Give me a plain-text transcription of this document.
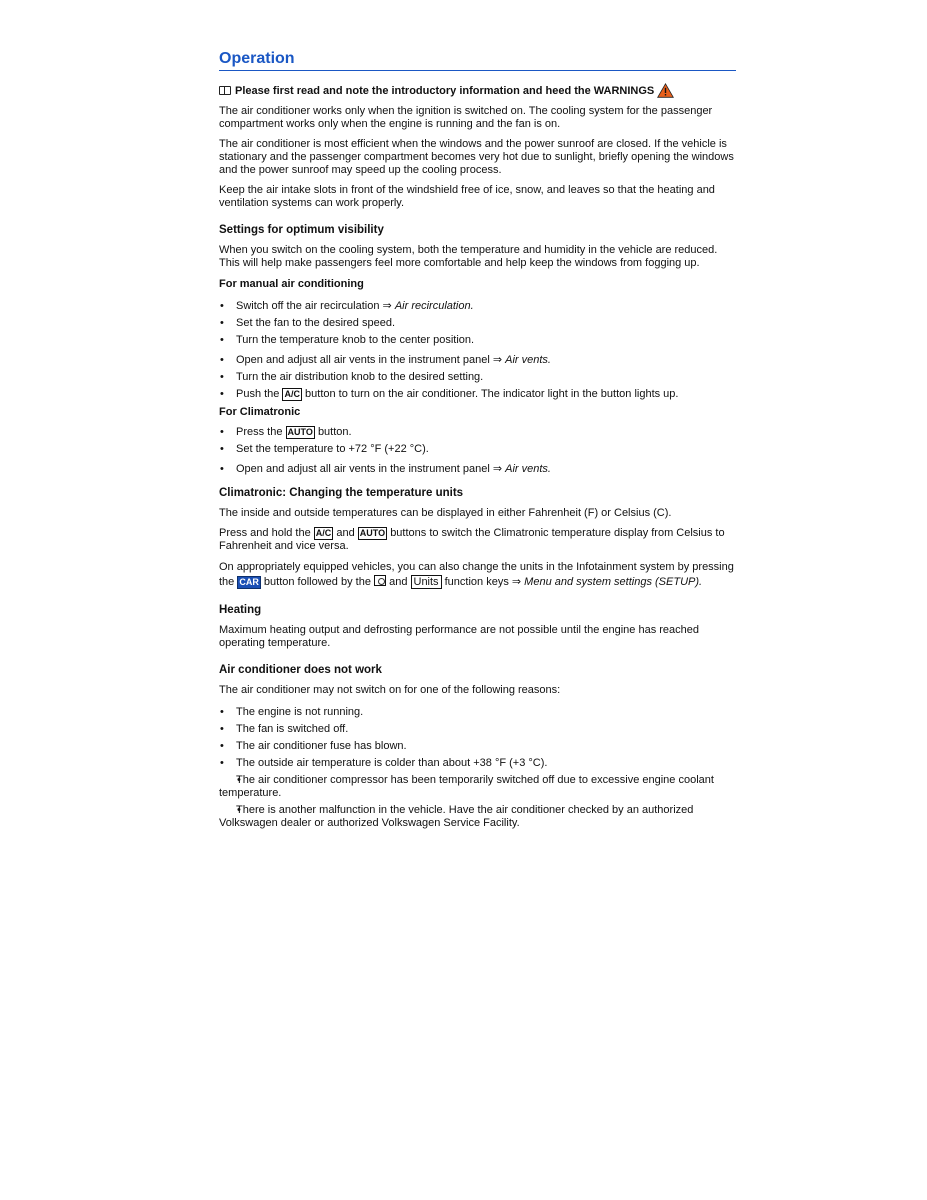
Operation
Please first read and note the introductory information and heed the WARNINGS

The air conditioner works only when the ignition is switched on. The cooling system for the passenger compartment works only when the engine is running and the fan is on.

The air conditioner is most efficient when the windows and the power sunroof are closed. If the vehicle is stationary and the passenger compartment becomes very hot due to sunlight, briefly opening the windows and the power sunroof may speed up the cooling process.

Keep the air intake slots in front of the windshield free of ice, snow, and leaves so that the heating and ventilation systems can work properly.

Settings for optimum visibility

When you switch on the cooling system, both the temperature and humidity in the vehicle are reduced. This will help make passengers feel more comfortable and help keep the windows from fogging up.

For manual air conditioning
• Switch off the air recirculation ⇒ Air recirculation.
• Set the fan to the desired speed.
• Turn the temperature knob to the center position.
• Open and adjust all air vents in the instrument panel ⇒ Air vents.
• Turn the air distribution knob to the desired setting.
• Push the A/C button to turn on the air conditioner. The indicator light in the button lights up.
For Climatronic
• Press the AUTO button.
• Set the temperature to +72 °F (+22 °C).
• Open and adjust all air vents in the instrument panel ⇒ Air vents.
Climatronic: Changing the temperature units

The inside and outside temperatures can be displayed in either Fahrenheit (F) or Celsius (C).

Press and hold the A/C and AUTO buttons to switch the Climatronic temperature display from Celsius to Fahrenheit and vice versa.

On appropriately equipped vehicles, you can also change the units in the Infotainment system by pressing the CAR button followed by the and Units function keys ⇒ Menu and system settings (SETUP).

Heating

Maximum heating output and defrosting performance are not possible until the engine has reached operating temperature.

Air conditioner does not work

The air conditioner may not switch on for one of the following reasons:

• The engine is not running.
• The fan is switched off.
• The air conditioner fuse has blown.
• The outside air temperature is colder than about +38 °F (+3 °C).
• The air conditioner compressor has been temporarily switched off due to excessive engine coolant temperature.
• There is another malfunction in the vehicle. Have the air conditioner checked by an authorized Volkswagen dealer or authorized Volkswagen Service Facility.
